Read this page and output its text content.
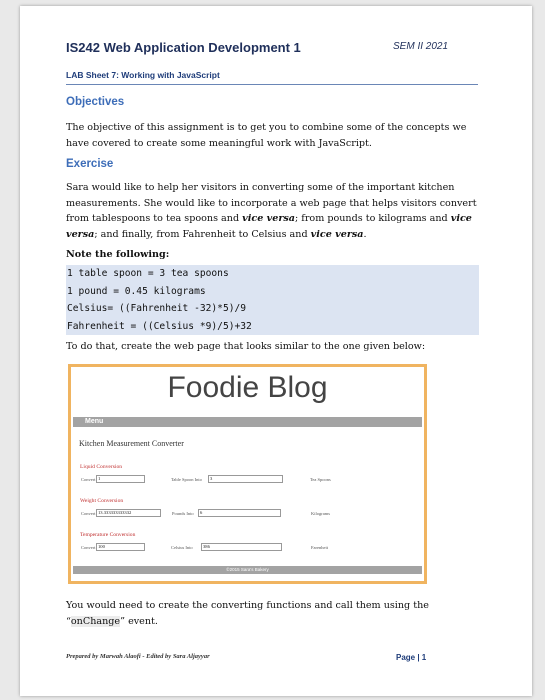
IS242 Web Application Development 1	SEM II 2021
LAB Sheet 7: Working with JavaScript
Objectives
The objective of this assignment is to get you to combine some of the concepts we
have covered to create some meaningful work with JavaScript.
Exercise
Sara would like to help her visitors in converting some of the important kitchen
measurements. She would like to incorporate a web page that helps visitors convert
from tablespoons to tea spoons and vice versa; from pounds to kilograms and vice
versa; and finally, from Fahrenheit to Celsius and vice versa.
Note the following:
1 table spoon = 3 tea spoons
1 pound = 0.45 kilograms
Celsius= ((Fahrenheit -32)*5)/9
Fahrenheit = ((Celsius *9)/5)+32
To do that, create the web page that looks similar to the one given below:
Foodie Blog
Menu
Kitchen Measurement Converter
Liquid Conversion
Convert 1	Table Spoon Into	3	Tea Spoons
Weight Conversion
Convert 13.333333333332	Pounds Into	6	Kilograms
Temperature Conversion
Convert 100	Celsius Into	386	Farenheit
©2015 Sara's Bakery
You would need to create the converting functions and call them using the
“onChange” event.
Prepared by Marwah Alaofi - Edited by Sara Aljayyar	Page | 1
